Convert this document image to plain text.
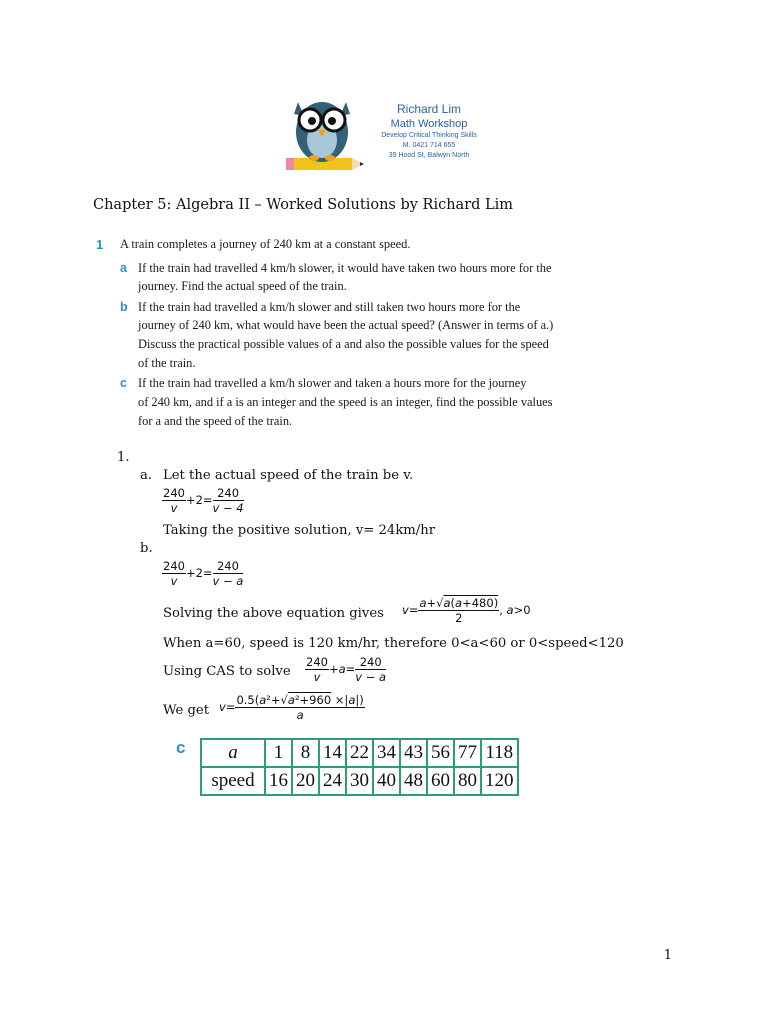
Richard Lim
Math Workshop
Develop Critical Thinking Skills
M. 0421 714 655
39 Hood St, Balwyn North
Chapter 5: Algebra II – Worked Solutions by Richard Lim
1 A train completes a journey of 240 km at a constant speed.
a If the train had travelled 4 km/h slower, it would have taken two hours more for the
journey. Find the actual speed of the train.
b If the train had travelled a km/h slower and still taken two hours more for the
journey of 240 km, what would have been the actual speed? (Answer in terms of a.)
Discuss the practical possible values of a and also the possible values for the speed
of the train.
c If the train had travelled a km/h slower and taken a hours more for the journey
of 240 km, and if a is an integer and the speed is an integer, find the possible values
for a and the speed of the train.
1.
a. Let the actual speed of the train be v.
$\frac{240}{v} +2= \frac{240}{v - 4}$
Taking the positive solution, v= 24km/hr
b.
$\frac{240}{v} +2= \frac{240}{v - a}$
Solving the above equation gives $v= \frac{a+√a(a+480)}{2}$ , a>0
When a=60, speed is 120 km/hr, therefore 0<a<60 or 0<speed<120
Using CAS to solve $\frac{240}{v} +a= \frac{240}{v - a}$
We get $v= \frac{\text{0.5(a²+√a²+960 ×|a|)}}{a}$
c a	1	8	14	22	34	43	56	77	118
speed	16	20	24	30	40	48	60	80	120
1
